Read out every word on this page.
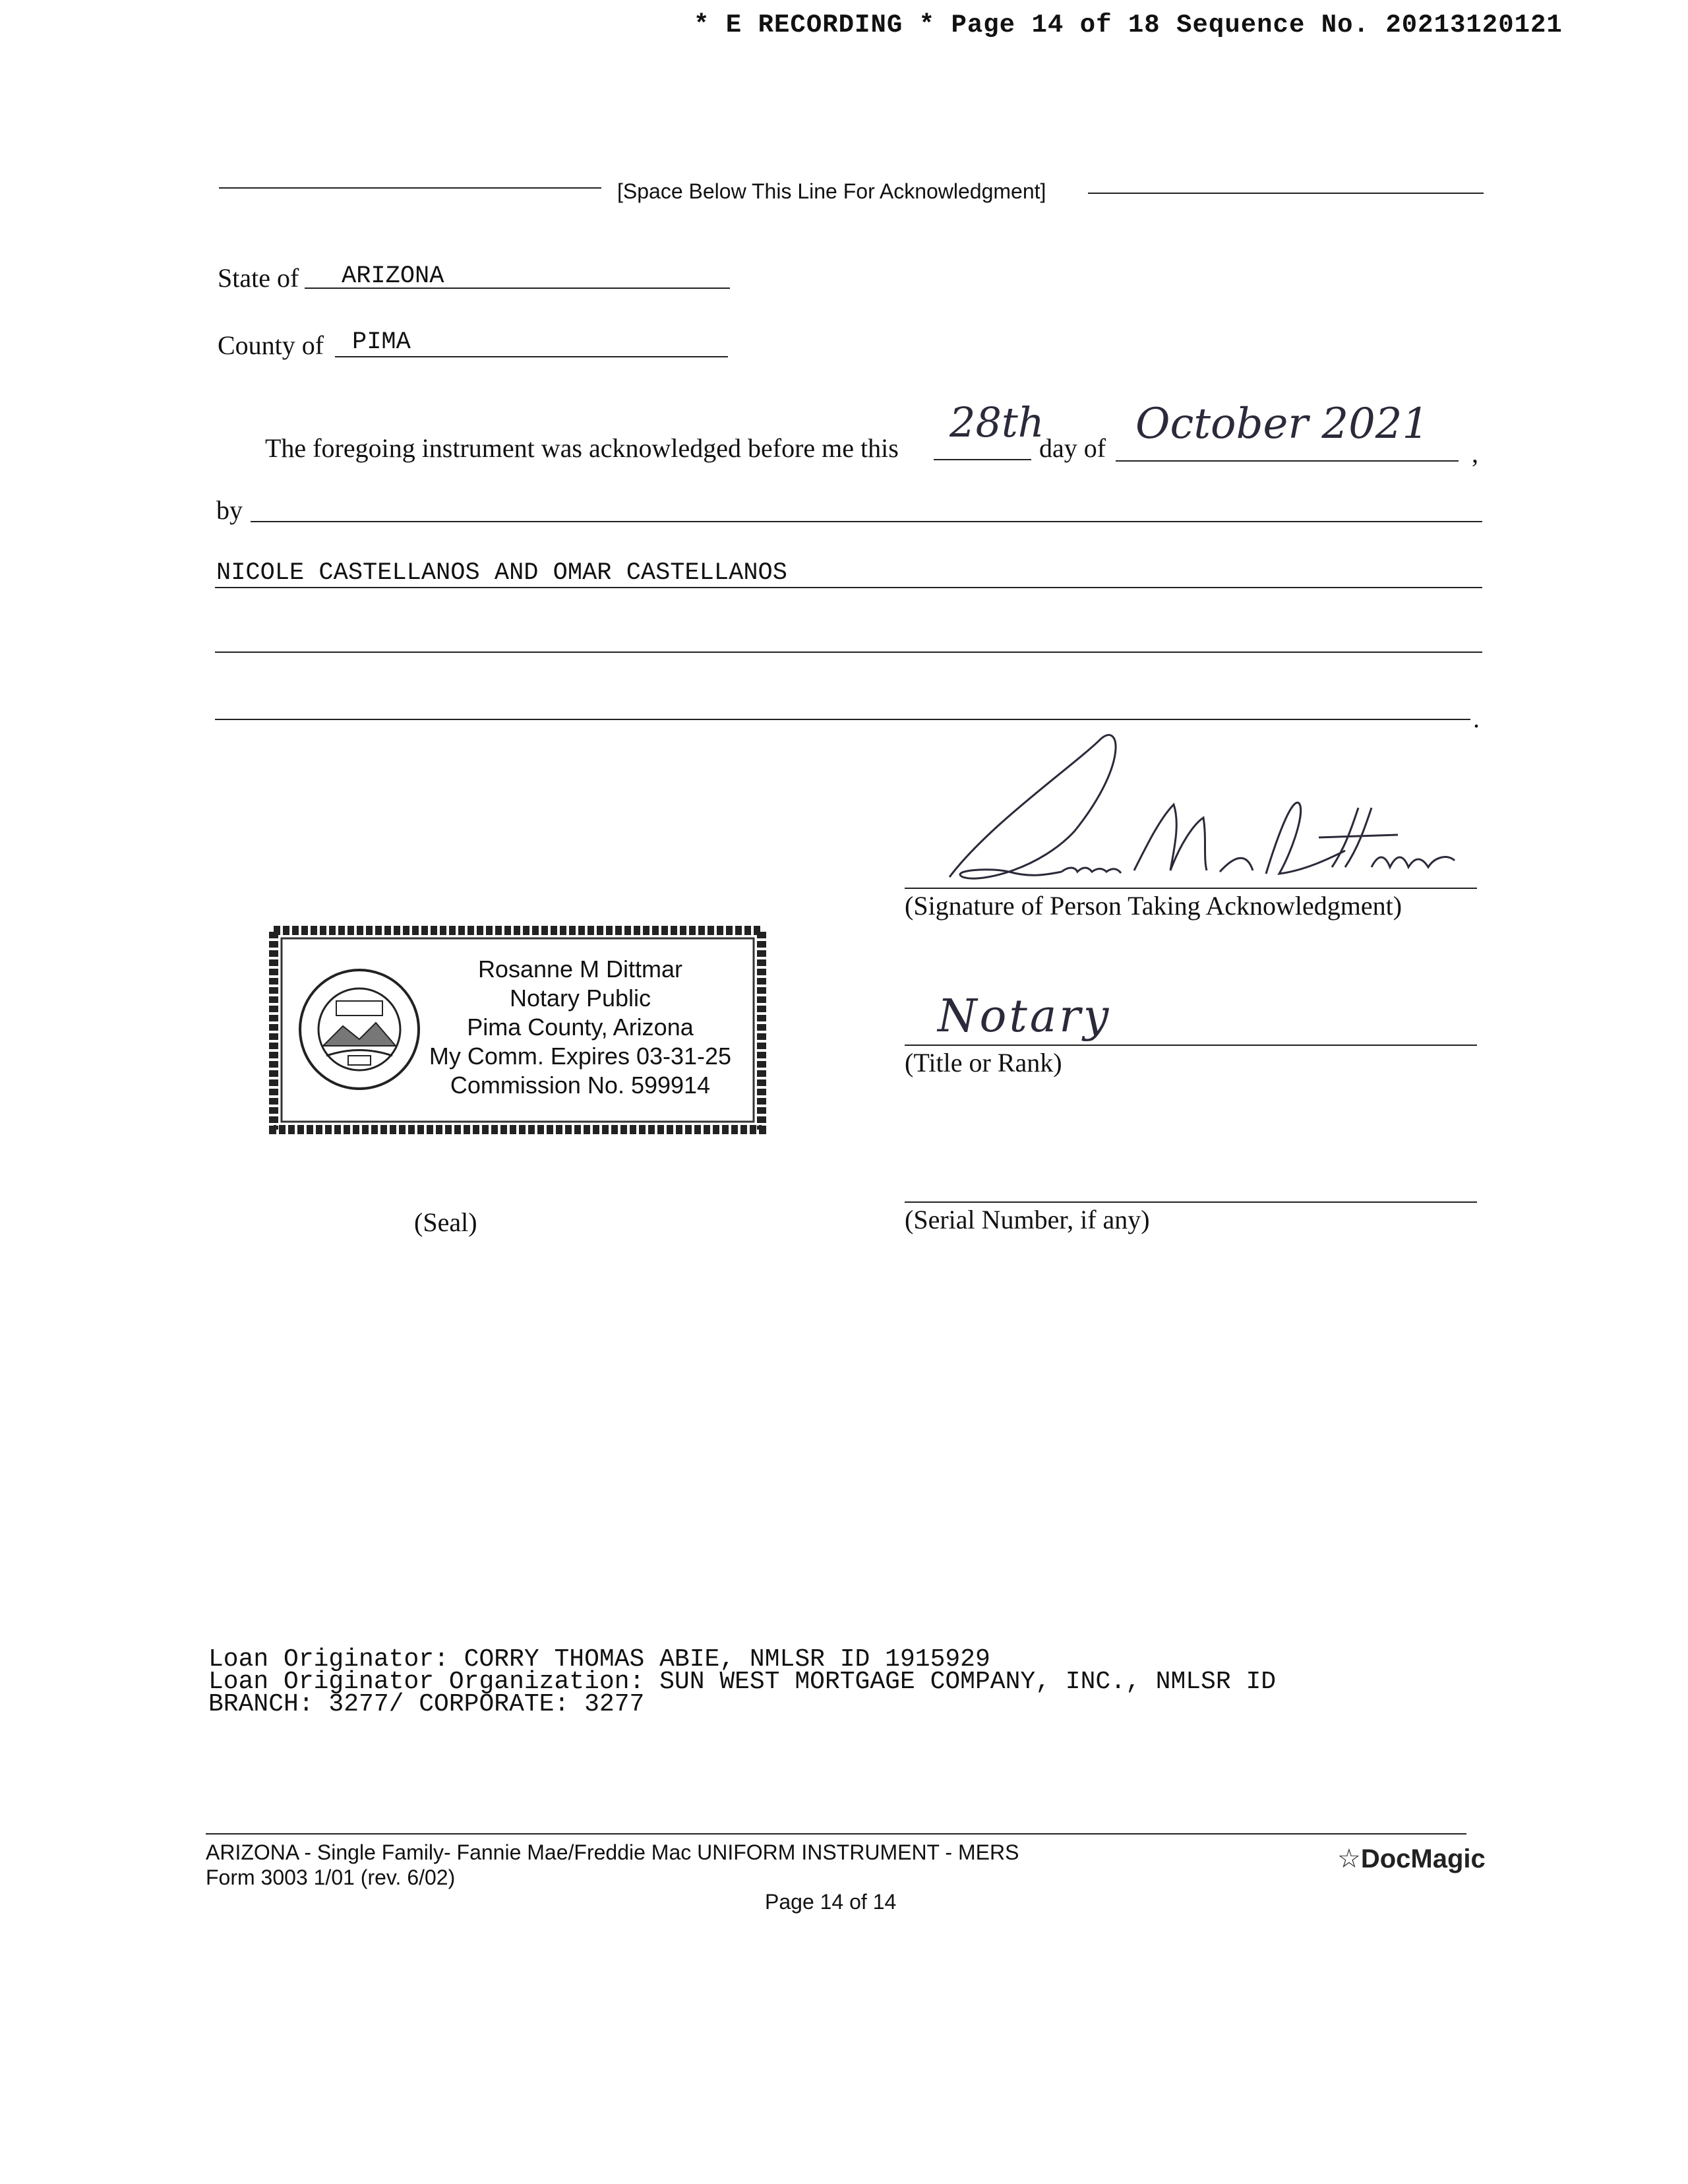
* E RECORDING * Page 14 of 18 Sequence No. 20213120121
[Space Below This Line For Acknowledgment]
State of ARIZONA
County of PIMA
The foregoing instrument was acknowledged before me this
28th
day of October 2021
,
by
NICOLE CASTELLANOS AND OMAR CASTELLANOS
.
(Signature of Person Taking Acknowledgment)
Notary
(Title or Rank)
(Serial Number, if any)
Rosanne M Dittmar
Notary Public
Pima County, Arizona
My Comm. Expires 03-31-25
Commission No. 599914
(Seal)
Loan Originator: CORRY THOMAS ABIE, NMLSR ID 1915929
Loan Originator Organization: SUN WEST MORTGAGE COMPANY, INC., NMLSR ID
BRANCH: 3277/ CORPORATE: 3277
ARIZONA - Single Family- Fannie Mae/Freddie Mac UNIFORM INSTRUMENT - MERS
Form 3003 1/01 (rev. 6/02)
Page 14 of 14
☆DocMagic
